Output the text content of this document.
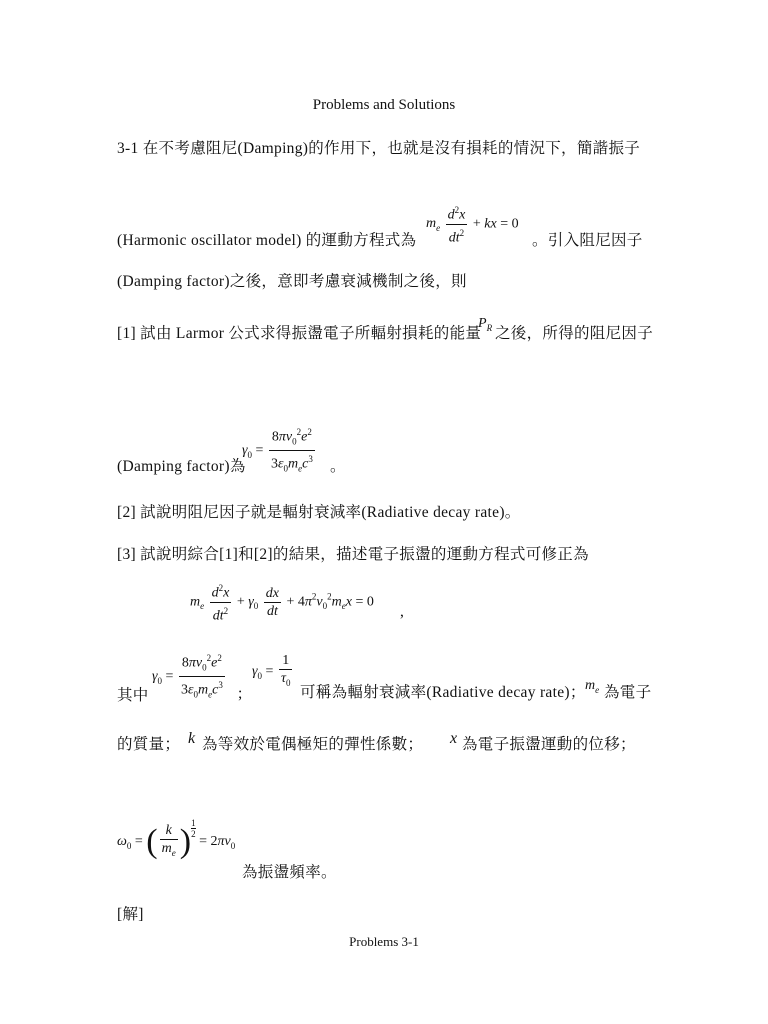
Problems and Solutions
3-1 在不考慮阻尼(Damping)的作用下，也就是沒有損耗的情況下，簡諧振子
$m_e \frac{d^2x}{dt^2}$ + kx = 0
(Harmonic oscillator model) 的運動方程式為	。引入阻尼因子
(Damping factor)之後，意即考慮衰減機制之後，則
[1] 試由 Larmor 公式求得振盪電子所輻射損耗的能量
$P_R$ 之後，所得的阻尼因子
$\gamma_0 = \frac{8\pi\nu_0^2e^2}{3\varepsilon_0m_ec^3}$
(Damping factor)為	。
[2] 試說明阻尼因子就是輻射衰減率(Radiative decay rate)。
[3] 試說明綜合[1]和[2]的結果，描述電子振盪的運動方程式可修正為
$m_e \frac{d^2x}{dt^2} + \gamma_0 \frac{dx}{dt} + 4\pi^2\nu_0^2m_ex = 0$
,
$\gamma_0 = \frac{8\pi\nu_0^2e^2}{3\varepsilon_0m_ec^3}$ ;
$\gamma_0 = \frac{1}{\tau_0}$
其中	可稱為輻射衰減率(Radiative decay rate)； $m_e$ 為電子
的質量； k 為等效於電偶極矩的彈性係數； x 為電子振盪運動的位移；
$\omega_0$ = ( $\frac{k}{m_e}$ ) $\frac{1}{2}$
= $2\pi\nu_0$
為振盪頻率。
[解]
Problems 3-1
